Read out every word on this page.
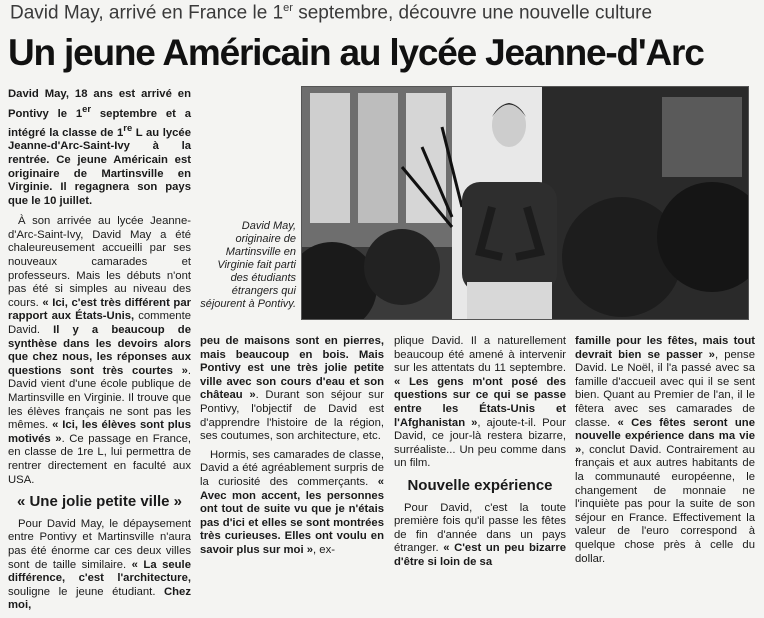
David May, arrivé en France le 1er septembre, découvre une nouvelle culture
Un jeune Américain au lycée Jeanne-d'Arc

David May, 18 ans est arrivé en Pontivy le 1er septembre et a intégré la classe de 1re L au lycée Jeanne-d'Arc-Saint-Ivy à la rentrée. Ce jeune Américain est originaire de Martinsville en Virginie. Il regagnera son pays que le 10 juillet.

À son arrivée au lycée Jeanne-d'Arc-Saint-Ivy, David May a été chaleureusement accueilli par ses nouveaux camarades et professeurs. Mais les débuts n'ont pas été si simples au niveau des cours. « Ici, c'est très différent par rapport aux États-Unis, commente David. Il y a beaucoup de synthèse dans les devoirs alors que chez nous, les réponses aux questions sont très courtes ». David vient d'une école publique de Martinsville en Virginie. Il trouve que les élèves français ne sont pas les mêmes. « Ici, les élèves sont plus motivés ». Ce passage en France, en classe de 1re L, lui permettra de rentrer directement en faculté aux USA.

« Une jolie petite ville »

Pour David May, le dépaysement entre Pontivy et Martinsville n'aura pas été énorme car ces deux villes sont de taille similaire. « La seule différence, c'est l'architecture, souligne le jeune étudiant. Chez moi,

David May, originaire de Martinsville en Virginie fait parti des étudiants étrangers qui séjourent à Pontivy.

peu de maisons sont en pierres, mais beaucoup en bois. Mais Pontivy est une très jolie petite ville avec son cours d'eau et son château ». Durant son séjour sur Pontivy, l'objectif de David est d'apprendre l'histoire de la région, ses coutumes, son architecture, etc.

Hormis, ses camarades de classe, David a été agréablement surpris de la curiosité des commerçants. « Avec mon accent, les personnes ont tout de suite vu que je n'étais pas d'ici et elles se sont montrées très curieuses. Elles ont voulu en savoir plus sur moi », ex-

plique David. Il a naturellement beaucoup été amené à intervenir sur les attentats du 11 septembre. « Les gens m'ont posé des questions sur ce qui se passe entre les États-Unis et l'Afghanistan », ajoute-t-il. Pour David, ce jour-là restera bizarre, surréaliste... Un peu comme dans un film.

Nouvelle expérience

Pour David, c'est la toute première fois qu'il passe les fêtes de fin d'année dans un pays étranger. « C'est un peu bizarre d'être si loin de sa

famille pour les fêtes, mais tout devrait bien se passer », pense David. Le Noël, il l'a passé avec sa famille d'accueil avec qui il se sent bien. Quant au Premier de l'an, il le fêtera avec ses camarades de classe. « Ces fêtes seront une nouvelle expérience dans ma vie », conclut David. Contrairement au français et aux autres habitants de la communauté européenne, le changement de monnaie ne l'inquiète pas pour la suite de son séjour en France. Effectivement la valeur de l'euro correspond à quelque chose près à celle du dollar.
